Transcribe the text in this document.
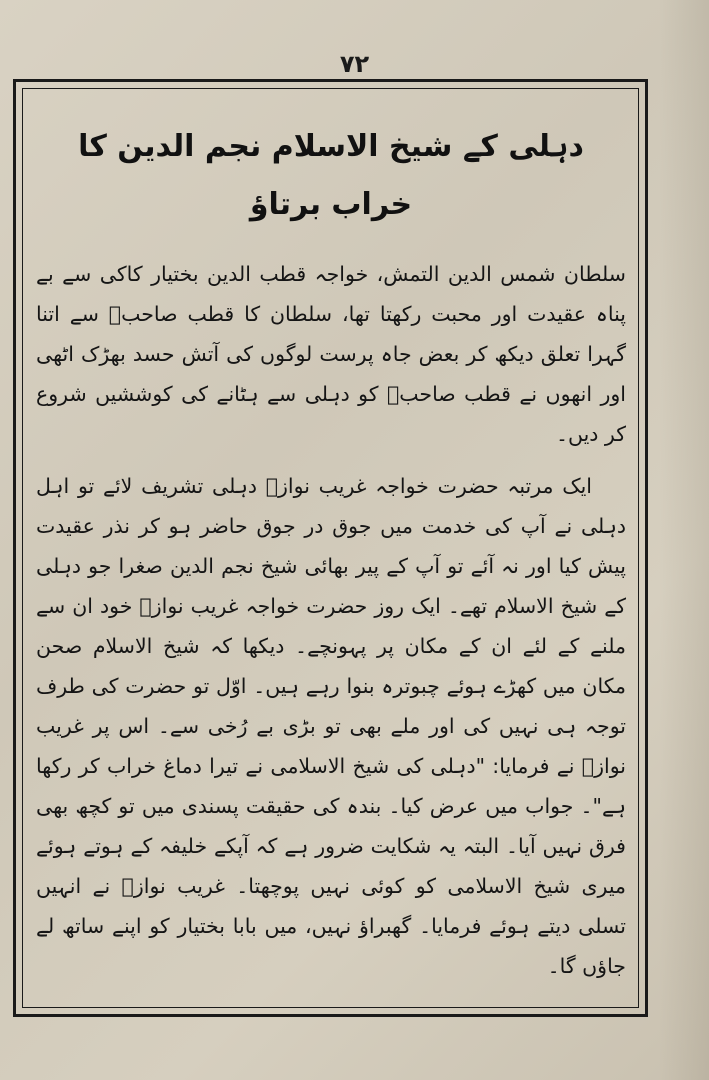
۷۲
دہلی کے شیخ الاسلام نجم الدین کا خراب برتاؤ

سلطان شمس الدین التمش، خواجہ قطب الدین بختیار کاکی سے بے پناہ عقیدت اور محبت رکھتا تھا، سلطان کا قطب صاحبؒ سے اتنا گہرا تعلق دیکھ کر بعض جاہ پرست لوگوں کی آتش حسد بھڑک اٹھی اور انھوں نے قطب صاحبؒ کو دہلی سے ہٹانے کی کوششیں شروع کر دیں۔

ایک مرتبہ حضرت خواجہ غریب نوازؒ دہلی تشریف لائے تو اہل دہلی نے آپ کی خدمت میں جوق در جوق حاضر ہو کر نذر عقیدت پیش کیا اور نہ آئے تو آپ کے پیر بھائی شیخ نجم الدین صغرا جو دہلی کے شیخ الاسلام تھے۔ ایک روز حضرت خواجہ غریب نوازؒ خود ان سے ملنے کے لئے ان کے مکان پر پہونچے۔ دیکھا کہ شیخ الاسلام صحن مکان میں کھڑے ہوئے چبوترہ بنوا رہے ہیں۔ اوّل تو حضرت کی طرف توجہ ہی نہیں کی اور ملے بھی تو بڑی بے رُخی سے۔ اس پر غریب نوازؒ نے فرمایا: "دہلی کی شیخ الاسلامی نے تیرا دماغ خراب کر رکھا ہے"۔ جواب میں عرض کیا۔ بندہ کی حقیقت پسندی میں تو کچھ بھی فرق نہیں آیا۔ البتہ یہ شکایت ضرور ہے کہ آپکے خلیفہ کے ہوتے ہوئے میری شیخ الاسلامی کو کوئی نہیں پوچھتا۔ غریب نوازؒ نے انہیں تسلی دیتے ہوئے فرمایا۔ گھبراؤ نہیں، میں بابا بختیار کو اپنے ساتھ لے جاؤں گا۔
